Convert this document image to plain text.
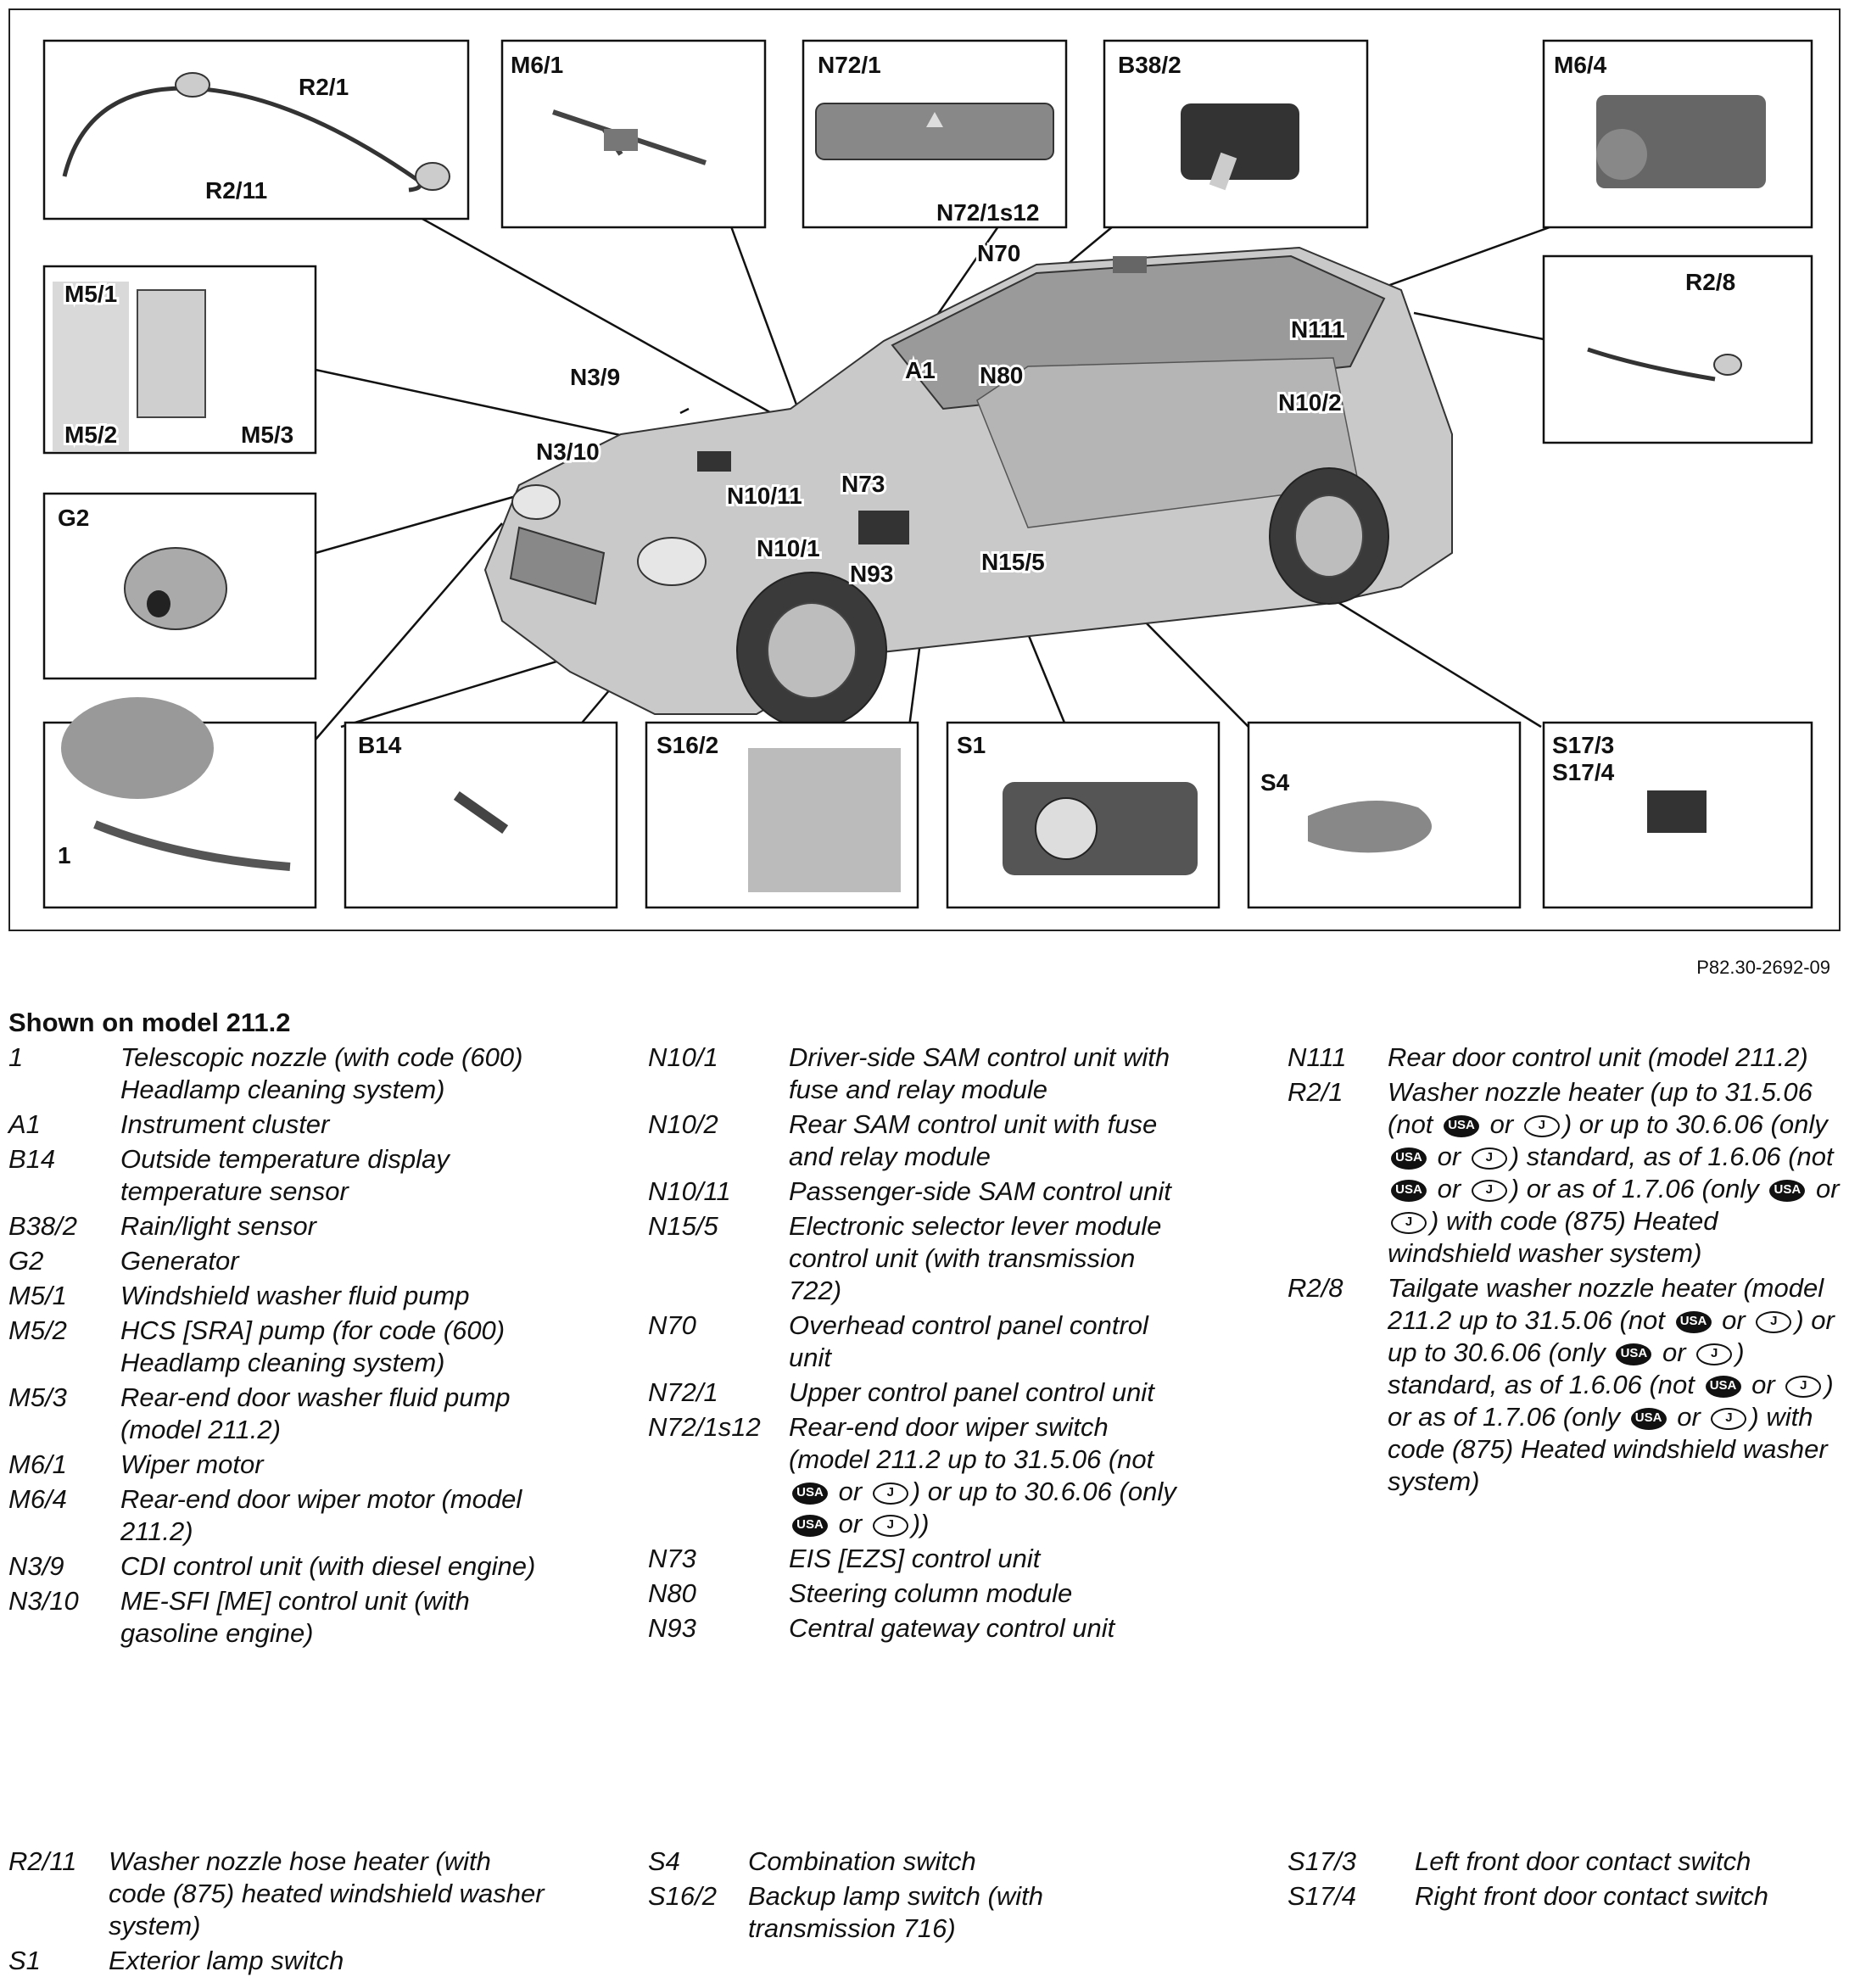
R2/1
R2/11
M6/1	N72/1
N72/1s12
B38/2	M6/4
M5/1
M5/2	M5/3
G2
R2/8
N70
N111
N10/2
N3/9	A1 N80
N3/10
N10/11 N73
N10/1
N93	N15/5
B14	S16/2	S1
S4
S17/3
S17/4
1
P82.30-2692-09
Shown on model 211.2
1	Telescopic nozzle (with code (600) Headlamp cleaning system)
A1	Instrument cluster
B14	Outside temperature display temperature sensor
B38/2	Rain/light sensor
G2	Generator
M5/1	Windshield washer fluid pump
M5/2	HCS [SRA] pump (for code (600) Headlamp cleaning system)
M5/3	Rear-end door washer fluid pump (model 211.2)
M6/1	Wiper motor
M6/4	Rear-end door wiper motor (model 211.2)
N3/9	CDI control unit (with diesel engine)
N3/10	ME-SFI [ME] control unit (with gasoline engine)
N10/1	Driver-side SAM control unit with fuse and relay module
N10/2	Rear SAM control unit with fuse and relay module
N10/11	Passenger-side SAM control unit
N15/5	Electronic selector lever module control unit (with transmission 722)
N70	Overhead control panel control unit
N72/1	Upper control panel control unit
N72/1s12	Rear-end door wiper switch (model 211.2 up to 31.5.06 (not USA or J ) or up to 30.6.06 (only USA or J ))
N73	EIS [EZS] control unit
N80	Steering column module
N93	Central gateway control unit
N111	Rear door control unit (model 211.2)
R2/1	Washer nozzle heater (up to 31.5.06 (not USA or J ) or up to 30.6.06 (only USA or J ) standard, as of 1.6.06 (not USA or J ) or as of 1.7.06 (only USA or J ) with code (875) Heated windshield washer system)
R2/8	Tailgate washer nozzle heater (model 211.2 up to 31.5.06 (not USA or J ) or up to 30.6.06 (only USA or J ) standard, as of 1.6.06 (not USA or J ) or as of 1.7.06 (only USA or J ) with code (875) Heated windshield washer system)
R2/11	Washer nozzle hose heater (with code (875) heated windshield washer system)
S1	Exterior lamp switch
S4	Combination switch
S16/2	Backup lamp switch (with transmission 716)
S17/3	Left front door contact switch
S17/4	Right front door contact switch
